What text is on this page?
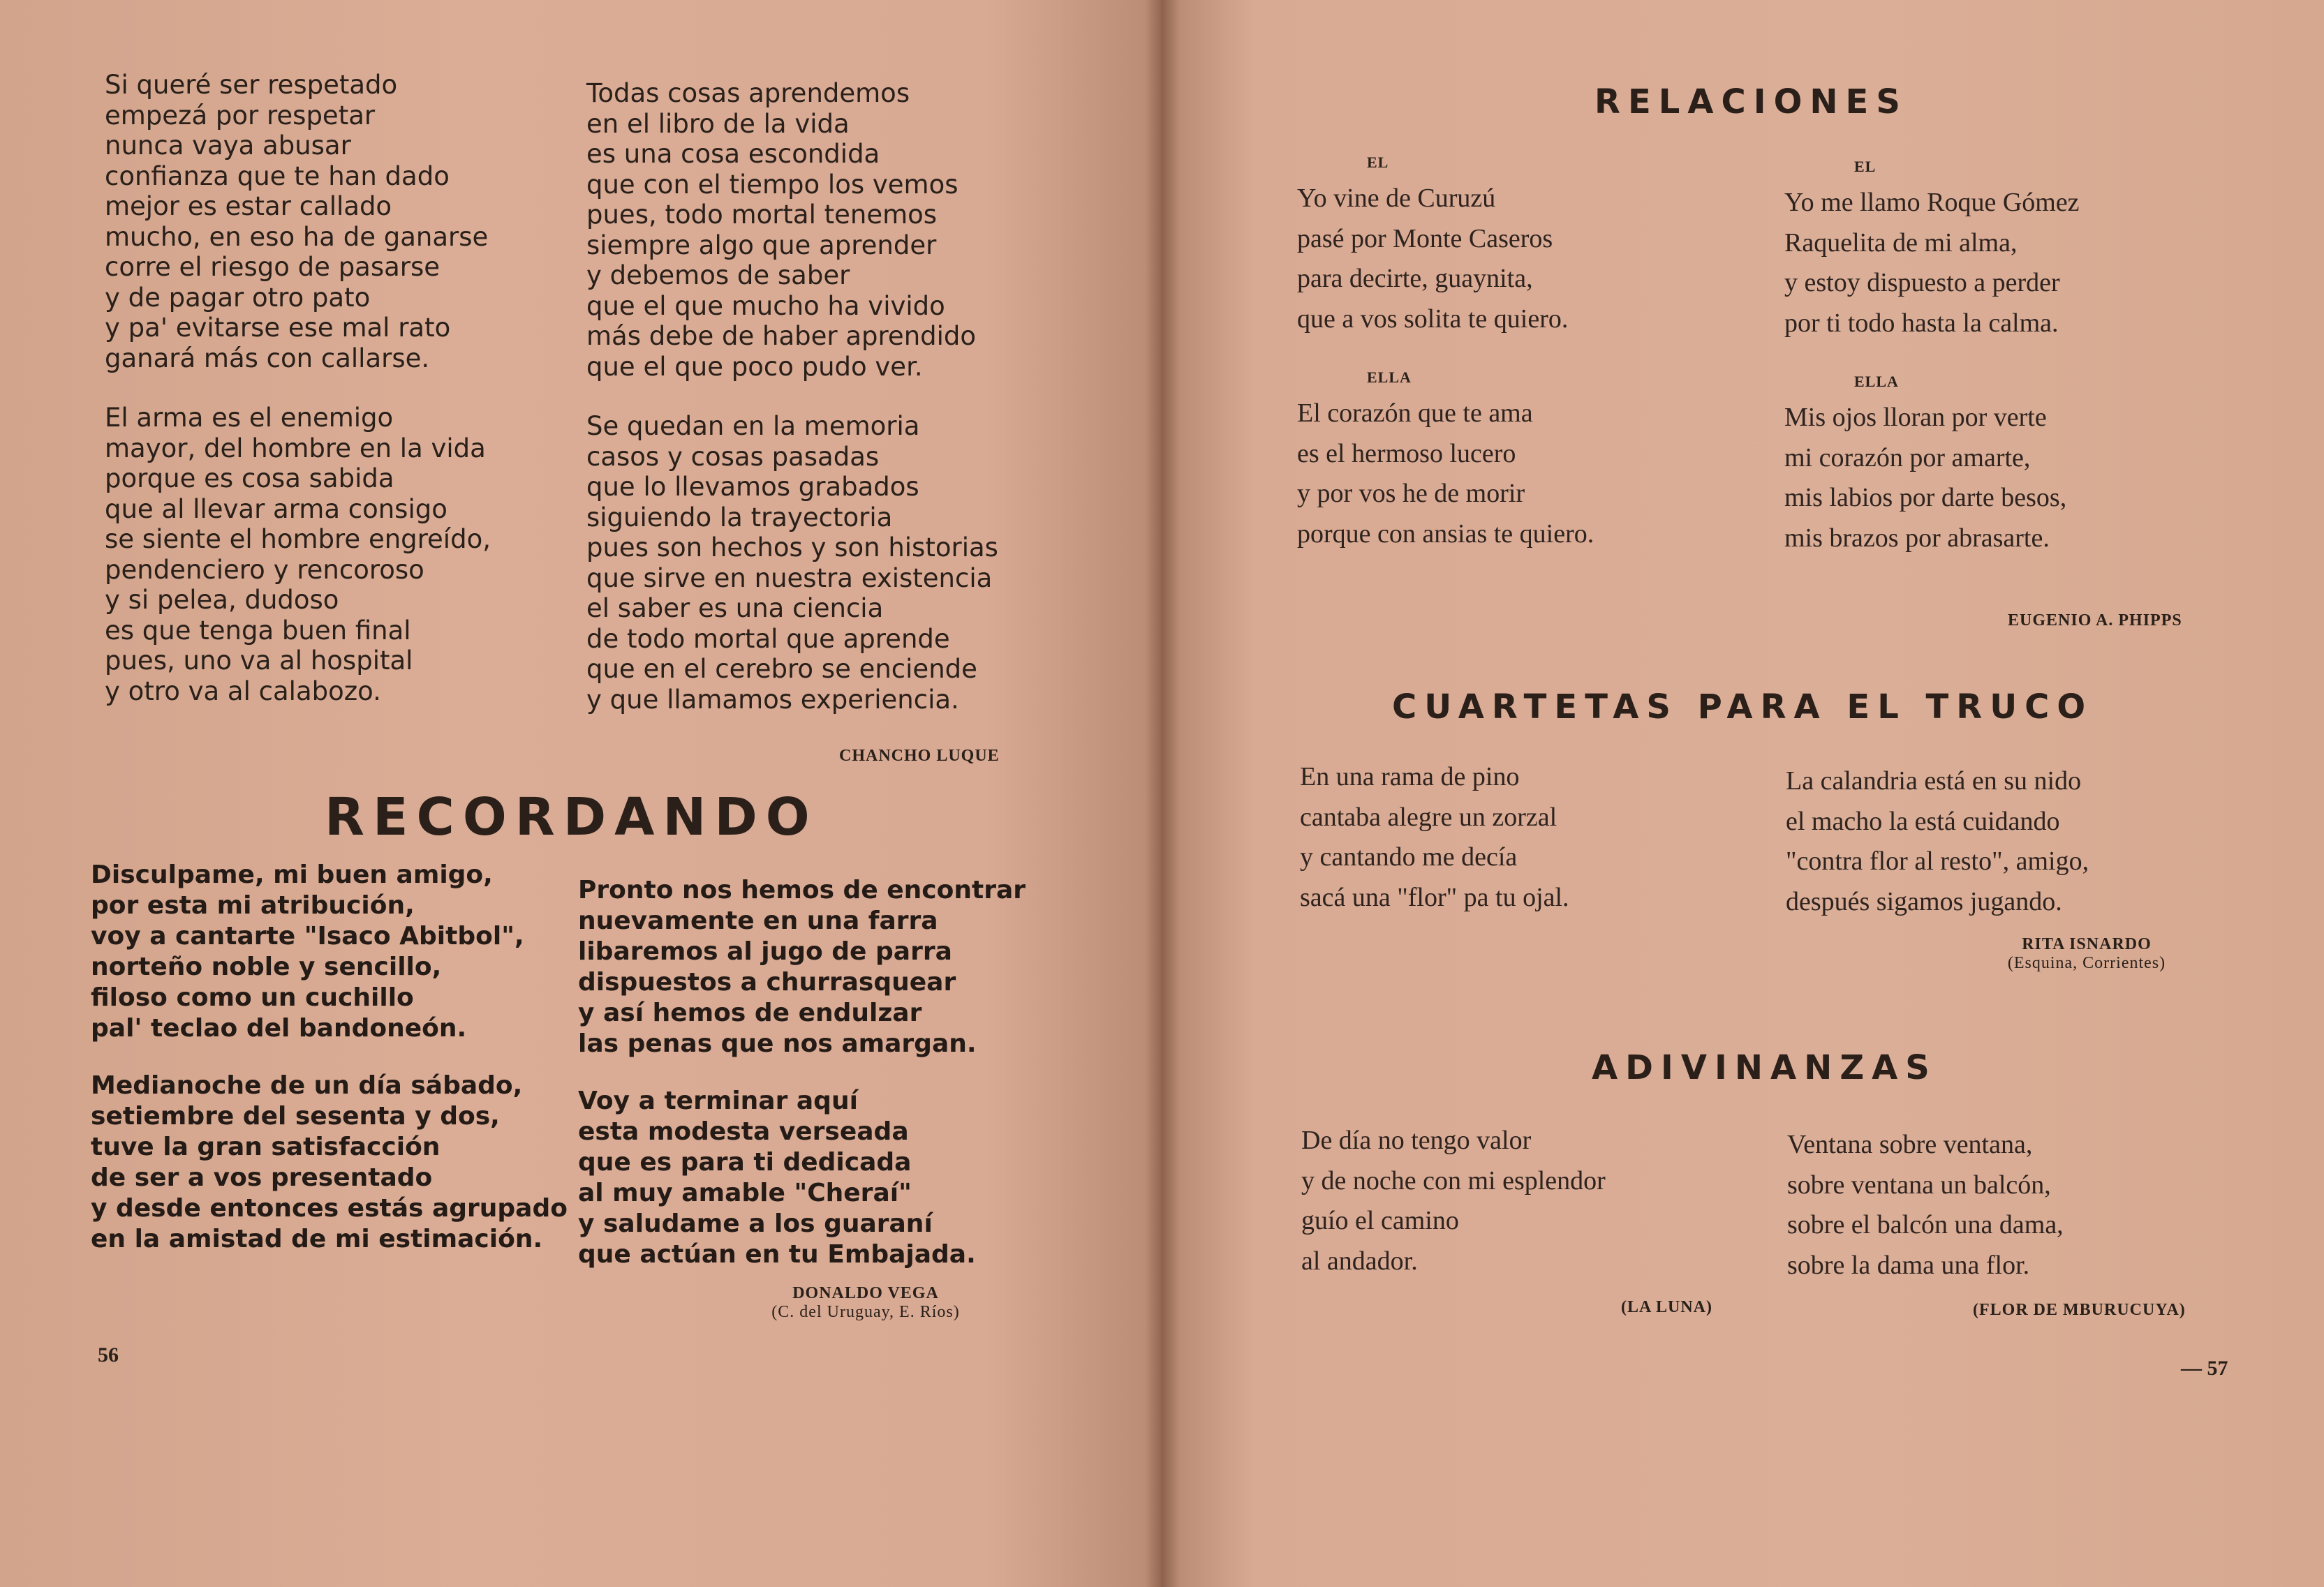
Si queré ser respetado
empezá por respetar
nunca vaya abusar
confianza que te han dado
mejor es estar callado
mucho, en eso ha de ganarse
corre el riesgo de pasarse
y de pagar otro pato
y pa' evitarse ese mal rato
ganará más con callarse.
El arma es el enemigo
mayor, del hombre en la vida
porque es cosa sabida
que al llevar arma consigo
se siente el hombre engreído,
pendenciero y rencoroso
y si pelea, dudoso
es que tenga buen final
pues, uno va al hospital
y otro va al calabozo.
Todas cosas aprendemos
en el libro de la vida
es una cosa escondida
que con el tiempo los vemos
pues, todo mortal tenemos
siempre algo que aprender
y debemos de saber
que el que mucho ha vivido
más debe de haber aprendido
que el que poco pudo ver.
Se quedan en la memoria
casos y cosas pasadas
que lo llevamos grabados
siguiendo la trayectoria
pues son hechos y son historias
que sirve en nuestra existencia
el saber es una ciencia
de todo mortal que aprende
que en el cerebro se enciende
y que llamamos experiencia.
CHANCHO LUQUE
RECORDANDO
Disculpame, mi buen amigo,
por esta mi atribución,
voy a cantarte "Isaco Abitbol",
norteño noble y sencillo,
filoso como un cuchillo
pal' teclao del bandoneón.
Medianoche de un día sábado,
setiembre del sesenta y dos,
tuve la gran satisfacción
de ser a vos presentado
y desde entonces estás agrupado
en la amistad de mi estimación.
Pronto nos hemos de encontrar
nuevamente en una farra
libaremos al jugo de parra
dispuestos a churrasquear
y así hemos de endulzar
las penas que nos amargan.
Voy a terminar aquí
esta modesta verseada
que es para ti dedicada
al muy amable "Cheraí"
y saludame a los guaraní
que actúan en tu Embajada.
DONALDO VEGA
(C. del Uruguay, E. Ríos)
56
RELACIONES
EL
Yo vine de Curuzú
pasé por Monte Caseros
para decirte, guaynita,
que a vos solita te quiero.
ELLA
El corazón que te ama
es el hermoso lucero
y por vos he de morir
porque con ansias te quiero.
EL
Yo me llamo Roque Gómez
Raquelita de mi alma,
y estoy dispuesto a perder
por ti todo hasta la calma.
ELLA
Mis ojos lloran por verte
mi corazón por amarte,
mis labios por darte besos,
mis brazos por abrasarte.
EUGENIO A. PHIPPS
CUARTETAS PARA EL TRUCO
En una rama de pino
cantaba alegre un zorzal
y cantando me decía
sacá una "flor" pa tu ojal.
La calandria está en su nido
el macho la está cuidando
"contra flor al resto", amigo,
después sigamos jugando.
RITA ISNARDO
(Esquina, Corrientes)
ADIVINANZAS
De día no tengo valor
y de noche con mi esplendor
guío el camino
al andador.
(LA LUNA)
Ventana sobre ventana,
sobre ventana un balcón,
sobre el balcón una dama,
sobre la dama una flor.
(FLOR DE MBURUCUYA)
— 57
